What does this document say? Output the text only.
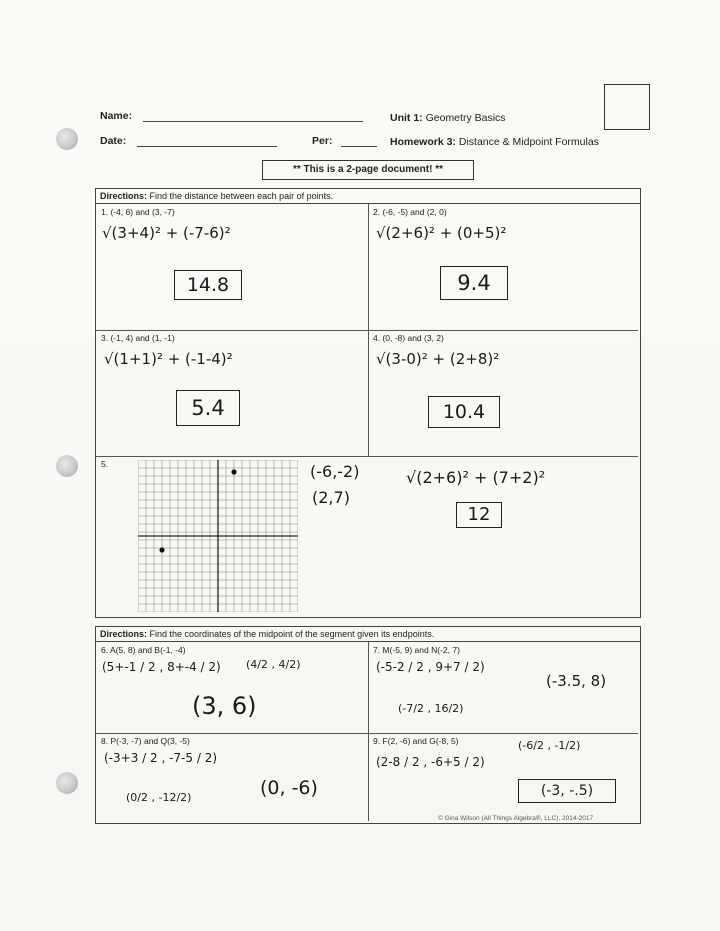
Name:
Date:	Per:
Unit 1: Geometry Basics
Homework 3: Distance & Midpoint Formulas
** This is a 2-page document! **
Directions: Find the distance between each pair of points.
1. (-4, 6) and (3, -7)
√(3+4)² + (-7-6)²
14.8
2. (-6, -5) and (2, 0)
√(2+6)² + (0+5)²
9.4
3. (-1, 4) and (1, -1)
√(1+1)² + (-1-4)²
5.4
4. (0, -8) and (3, 2)
√(3-0)² + (2+8)²
10.4
5.	(-6,-2)
(2,7)
√(2+6)² + (7+2)²
12
Directions: Find the coordinates of the midpoint of the segment given its endpoints.
6. A(5, 8) and B(-1, -4)
(5+-1 / 2 , 8+-4 / 2) (4/2 , 4/2)
(3, 6)
7. M(-5, 9) and N(-2, 7)
(-5-2 / 2 , 9+7 / 2)
(-7/2 , 16/2)
(-3.5, 8)
8. P(-3, -7) and Q(3, -5)
(-3+3 / 2 , -7-5 / 2)
(0/2 , -12/2)	(0, -6)
9. F(2, -6) and G(-8, 5)
(2-8 / 2 , -6+5 / 2)
(-6/2 , -1/2)
(-3, -.5)
© Gina Wilson (All Things Algebra®, LLC), 2014-2017
